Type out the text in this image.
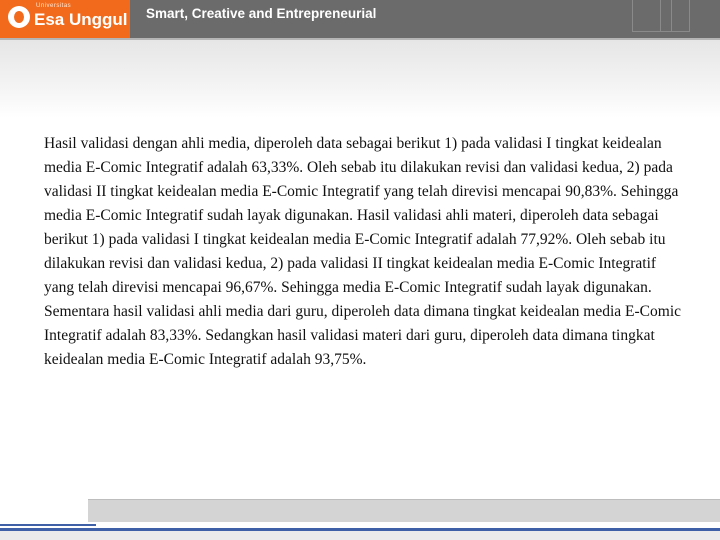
Universitas
Esa Unggul Smart, Creative and Entrepreneurial

Hasil validasi dengan ahli media, diperoleh data sebagai berikut 1) pada validasi I tingkat keidealan media E-Comic Integratif adalah 63,33%. Oleh sebab itu dilakukan revisi dan validasi kedua, 2) pada validasi II tingkat keidealan media E-Comic Integratif yang telah direvisi mencapai 90,83%. Sehingga media E-Comic Integratif sudah layak digunakan. Hasil validasi ahli materi, diperoleh data sebagai berikut 1) pada validasi I tingkat keidealan media E-Comic Integratif adalah 77,92%. Oleh sebab itu dilakukan revisi dan validasi kedua, 2) pada validasi II tingkat keidealan media E-Comic Integratif yang telah direvisi mencapai 96,67%. Sehingga media E-Comic Integratif sudah layak digunakan. Sementara hasil validasi ahli media dari guru, diperoleh data dimana tingkat keidealan media E-Comic Integratif adalah 83,33%. Sedangkan hasil validasi materi dari guru, diperoleh data dimana tingkat keidealan media E-Comic Integratif adalah 93,75%.
